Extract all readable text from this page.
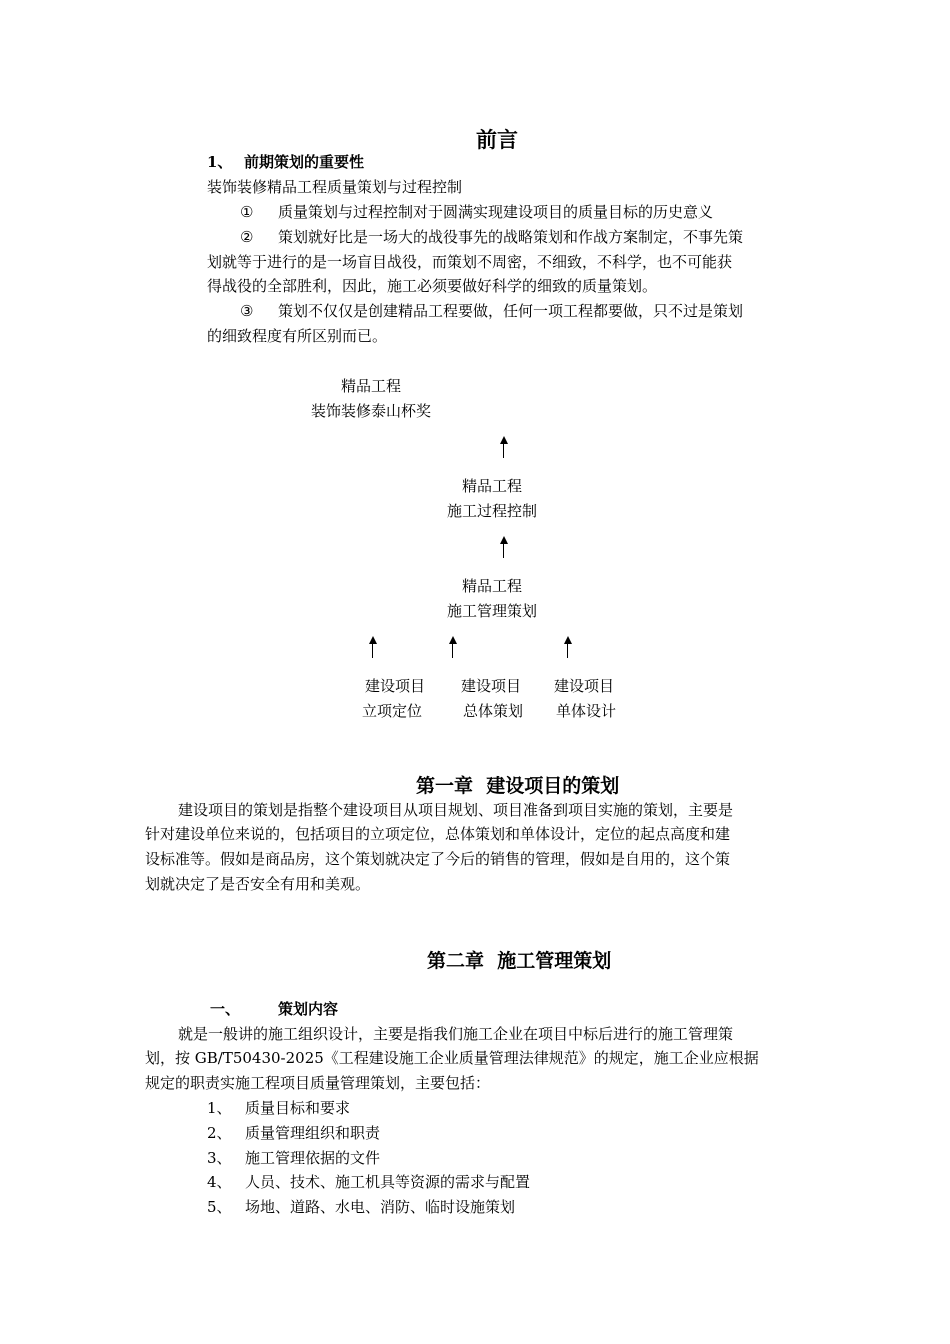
前言
1、 前期策划的重要性
装饰装修精品工程质量策划与过程控制
① 质量策划与过程控制对于圆满实现建设项目的质量目标的历史意义
② 策划就好比是一场大的战役事先的战略策划和作战方案制定，不事先策
划就等于进行的是一场盲目战役，而策划不周密，不细致，不科学，也不可能获
得战役的全部胜利，因此，施工必须要做好科学的细致的质量策划。
③ 策划不仅仅是创建精品工程要做，任何一项工程都要做，只不过是策划
的细致程度有所区别而已。
精品工程
装饰装修泰山杯奖
精品工程
施工过程控制
精品工程
施工管理策划
建设项目
立项定位
建设项目
总体策划
建设项目
单体设计
第一章  建设项目的策划
建设项目的策划是指整个建设项目从项目规划、项目准备到项目实施的策划，主要是
针对建设单位来说的，包括项目的立项定位，总体策划和单体设计，定位的起点高度和建
设标准等。假如是商品房，这个策划就决定了今后的销售的管理，假如是自用的，这个策
划就决定了是否安全有用和美观。
第二章  施工管理策划
一、	策划内容
就是一般讲的施工组织设计，主要是指我们施工企业在项目中标后进行的施工管理策
划，按 GB/T50430-2025《工程建设施工企业质量管理法律规范》的规定，施工企业应根据
规定的职责实施工程项目质量管理策划，主要包括：
1、 质量目标和要求
2、 质量管理组织和职责
3、 施工管理依据的文件
4、 人员、技术、施工机具等资源的需求与配置
5、 场地、道路、水电、消防、临时设施策划
